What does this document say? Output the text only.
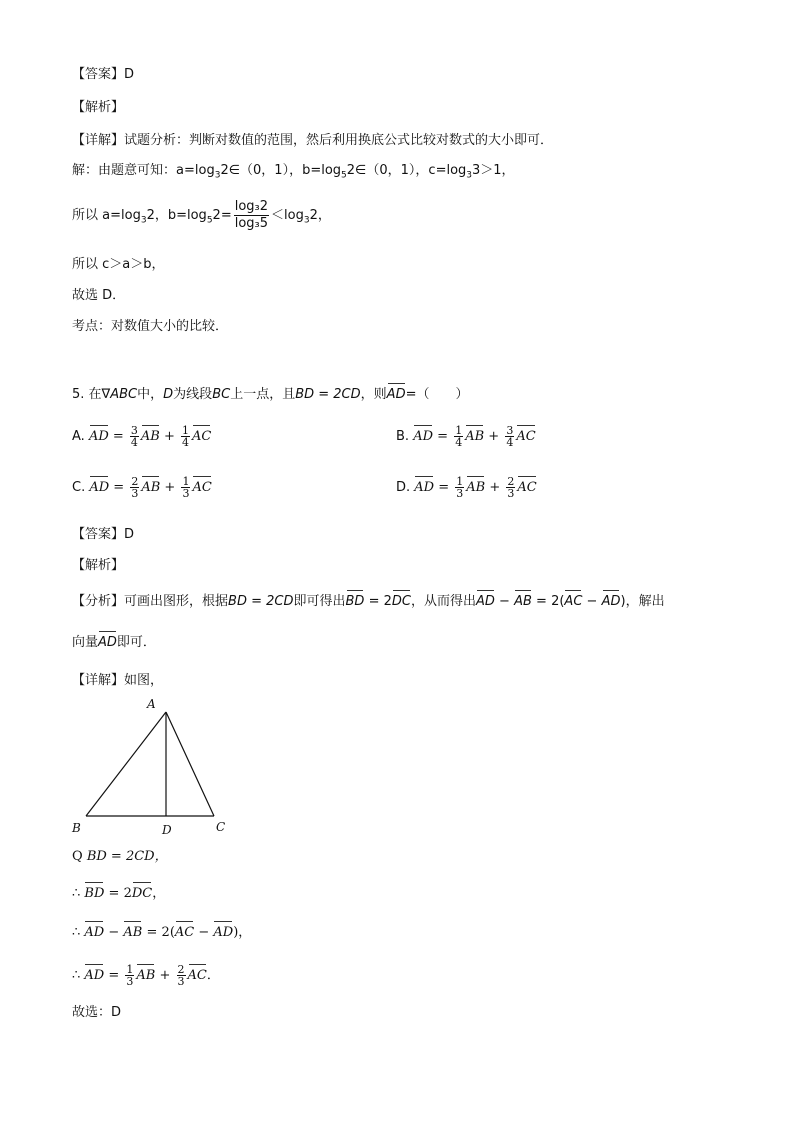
【答案】D
【解析】
【详解】试题分析：判断对数值的范围，然后利用换底公式比较对数式的大小即可．
解：由题意可知：$a=\log_32\in(0$，1），$b=\log_52\in(0$，1），$c=\log_33>1$，
所以 $a=\log_32$，$b=\log_52= \frac{\text{log₃2}}{\text{log₃5}} <\log_32$，
所以 c＞a＞b，
故选 D．
考点：对数值大小的比较．
5. 在∇ABC中，D为线段BC上一点，且BD = 2CD，则AD=（　　）
A. AD = $\frac{3}{4}$ AB + $\frac{1}{4}$ AC	B. AD = $\frac{1}{4}$ AB + $\frac{3}{4}$ AC
C. AD = $\frac{2}{3}$ AB + $\frac{1}{3}$ AC	D. AD = $\frac{1}{3}$ AB + $\frac{2}{3}$ AC
【答案】D
【解析】
【分析】可画出图形，根据BD = 2CD即可得出BD = 2DC，从而得出AD − AB = 2(AC − AD)，解出
向量AD即可．
【详解】如图，
A
B	D	C
Q BD = 2CD，
∴ BD = 2DC，
∴ AD − AB = 2(AC − AD)，
∴ AD = $\frac{1}{3}$ AB + $\frac{2}{3}$ AC．
故选：D
